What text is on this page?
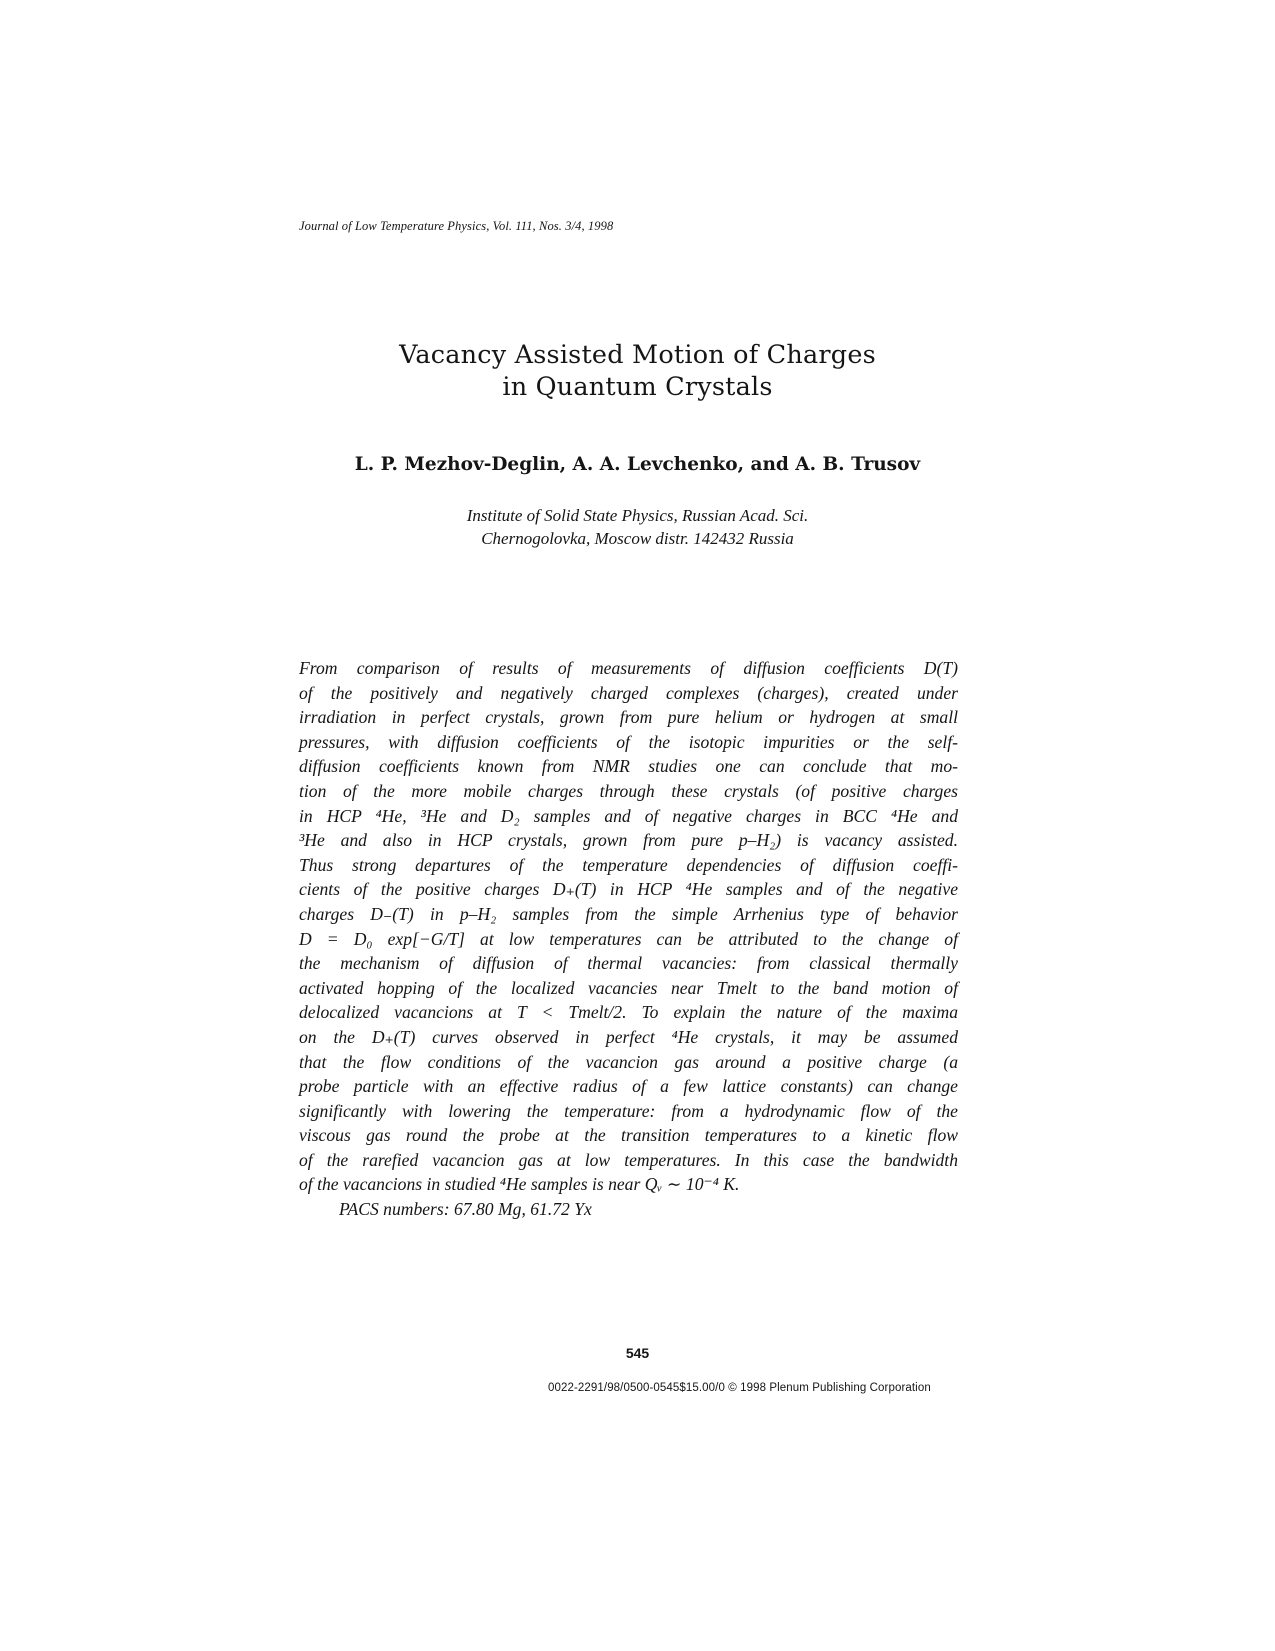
Journal of Low Temperature Physics, Vol. 111, Nos. 3/4, 1998
Vacancy Assisted Motion of Charges
in Quantum Crystals
L. P. Mezhov-Deglin, A. A. Levchenko, and A. B. Trusov
Institute of Solid State Physics, Russian Acad. Sci.
Chernogolovka, Moscow distr. 142432 Russia
From comparison of results of measurements of diffusion coefficients D(T)
of the positively and negatively charged complexes (charges), created under
irradiation in perfect crystals, grown from pure helium or hydrogen at small
pressures, with diffusion coefficients of the isotopic impurities or the self-
diffusion coefficients known from NMR studies one can conclude that mo-
tion of the more mobile charges through these crystals (of positive charges
in HCP ⁴He, ³He and D₂ samples and of negative charges in BCC ⁴He and
³He and also in HCP crystals, grown from pure p–H₂) is vacancy assisted.
Thus strong departures of the temperature dependencies of diffusion coeffi-
cients of the positive charges D₊(T) in HCP ⁴He samples and of the negative
charges D₋(T) in p–H₂ samples from the simple Arrhenius type of behavior
D = D₀ exp[−G/T] at low temperatures can be attributed to the change of
the mechanism of diffusion of thermal vacancies: from classical thermally
activated hopping of the localized vacancies near Tmelt to the band motion of
delocalized vacancions at T < Tmelt/2. To explain the nature of the maxima
on the D₊(T) curves observed in perfect ⁴He crystals, it may be assumed
that the flow conditions of the vacancion gas around a positive charge (a
probe particle with an effective radius of a few lattice constants) can change
significantly with lowering the temperature: from a hydrodynamic flow of the
viscous gas round the probe at the transition temperatures to a kinetic flow
of the rarefied vacancion gas at low temperatures. In this case the bandwidth
of the vacancions in studied ⁴He samples is near Qᵥ ∼ 10⁻⁴ K.
PACS numbers: 67.80 Mg, 61.72 Yx
545
0022-2291/98/0500-0545$15.00/0 © 1998 Plenum Publishing Corporation
